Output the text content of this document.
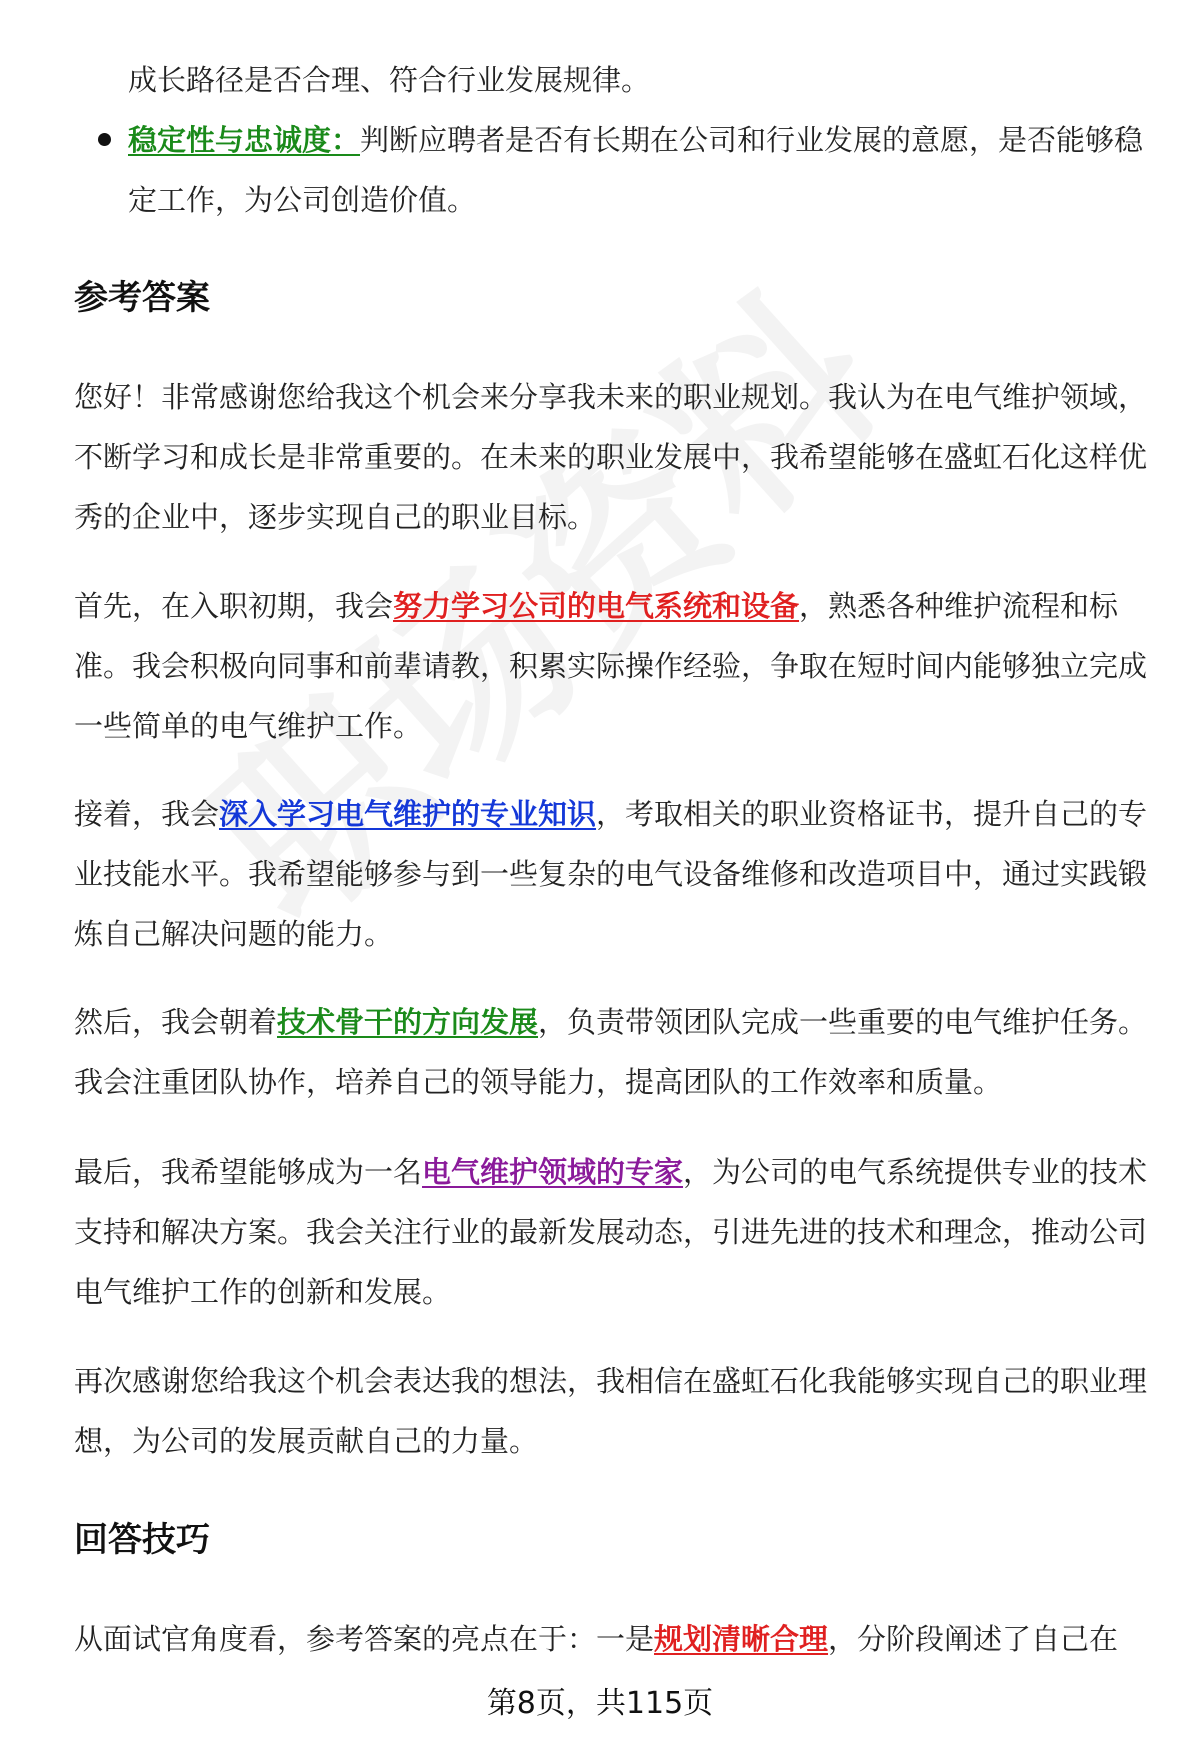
成长路径是否合理、符合行业发展规律。

稳定性与忠诚度：判断应聘者是否有长期在公司和行业发展的意愿，是否能够稳定工作，为公司创造价值。
参考答案

您好！非常感谢您给我这个机会来分享我未来的职业规划。我认为在电气维护领域，不断学习和成长是非常重要的。在未来的职业发展中，我希望能够在盛虹石化这样优秀的企业中，逐步实现自己的职业目标。

首先，在入职初期，我会努力学习公司的电气系统和设备，熟悉各种维护流程和标准。我会积极向同事和前辈请教，积累实际操作经验，争取在短时间内能够独立完成一些简单的电气维护工作。

接着，我会深入学习电气维护的专业知识，考取相关的职业资格证书，提升自己的专业技能水平。我希望能够参与到一些复杂的电气设备维修和改造项目中，通过实践锻炼自己解决问题的能力。

然后，我会朝着技术骨干的方向发展，负责带领团队完成一些重要的电气维护任务。我会注重团队协作，培养自己的领导能力，提高团队的工作效率和质量。

最后，我希望能够成为一名电气维护领域的专家，为公司的电气系统提供专业的技术支持和解决方案。我会关注行业的最新发展动态，引进先进的技术和理念，推动公司电气维护工作的创新和发展。

再次感谢您给我这个机会表达我的想法，我相信在盛虹石化我能够实现自己的职业理想，为公司的发展贡献自己的力量。

回答技巧

从面试官角度看，参考答案的亮点在于：一是规划清晰合理，分阶段阐述了自己在

第8页，共115页
